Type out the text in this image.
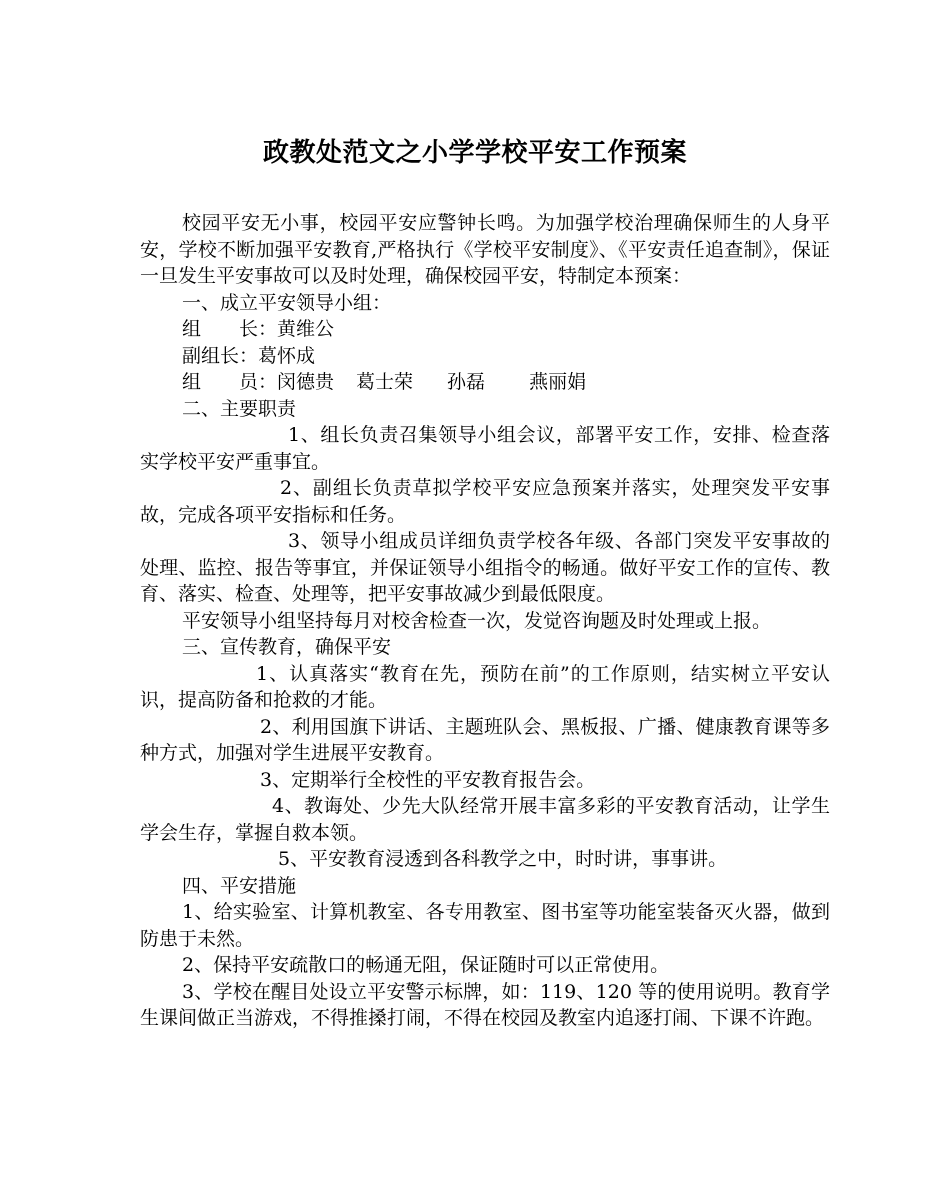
政教处范文之小学学校平安工作预案

校园平安无小事，校园平安应警钟长鸣。为加强学校治理确保师生的人身平安，学校不断加强平安教育,严格执行《学校平安制度》、《平安责任追查制》，保证一旦发生平安事故可以及时处理，确保校园平安，特制定本预案：

一、成立平安领导小组：

组　　长：黄维公

副组长：葛怀成

组　　员：闵德贵 葛士荣 孙磊 燕丽娟

二、主要职责

1、组长负责召集领导小组会议，部署平安工作，安排、检查落实学校平安严重事宜。

2、副组长负责草拟学校平安应急预案并落实，处理突发平安事故，完成各项平安指标和任务。

3、领导小组成员详细负责学校各年级、各部门突发平安事故的处理、监控、报告等事宜，并保证领导小组指令的畅通。做好平安工作的宣传、教育、落实、检查、处理等，把平安事故减少到最低限度。

平安领导小组坚持每月对校舍检查一次，发觉咨询题及时处理或上报。

三、宣传教育，确保平安

1、认真落实“教育在先，预防在前”的工作原则，结实树立平安认识，提高防备和抢救的才能。

2、利用国旗下讲话、主题班队会、黑板报、广播、健康教育课等多种方式，加强对学生进展平安教育。

3、定期举行全校性的平安教育报告会。

4、教诲处、少先大队经常开展丰富多彩的平安教育活动，让学生学会生存，掌握自救本领。

5、平安教育浸透到各科教学之中，时时讲，事事讲。

四、平安措施

1、给实验室、计算机教室、各专用教室、图书室等功能室装备灭火器，做到防患于未然。

2、保持平安疏散口的畅通无阻，保证随时可以正常使用。

3、学校在醒目处设立平安警示标牌，如：119、120 等的使用说明。教育学生课间做正当游戏，不得推搡打闹，不得在校园及教室内追逐打闹、下课不许跑。
